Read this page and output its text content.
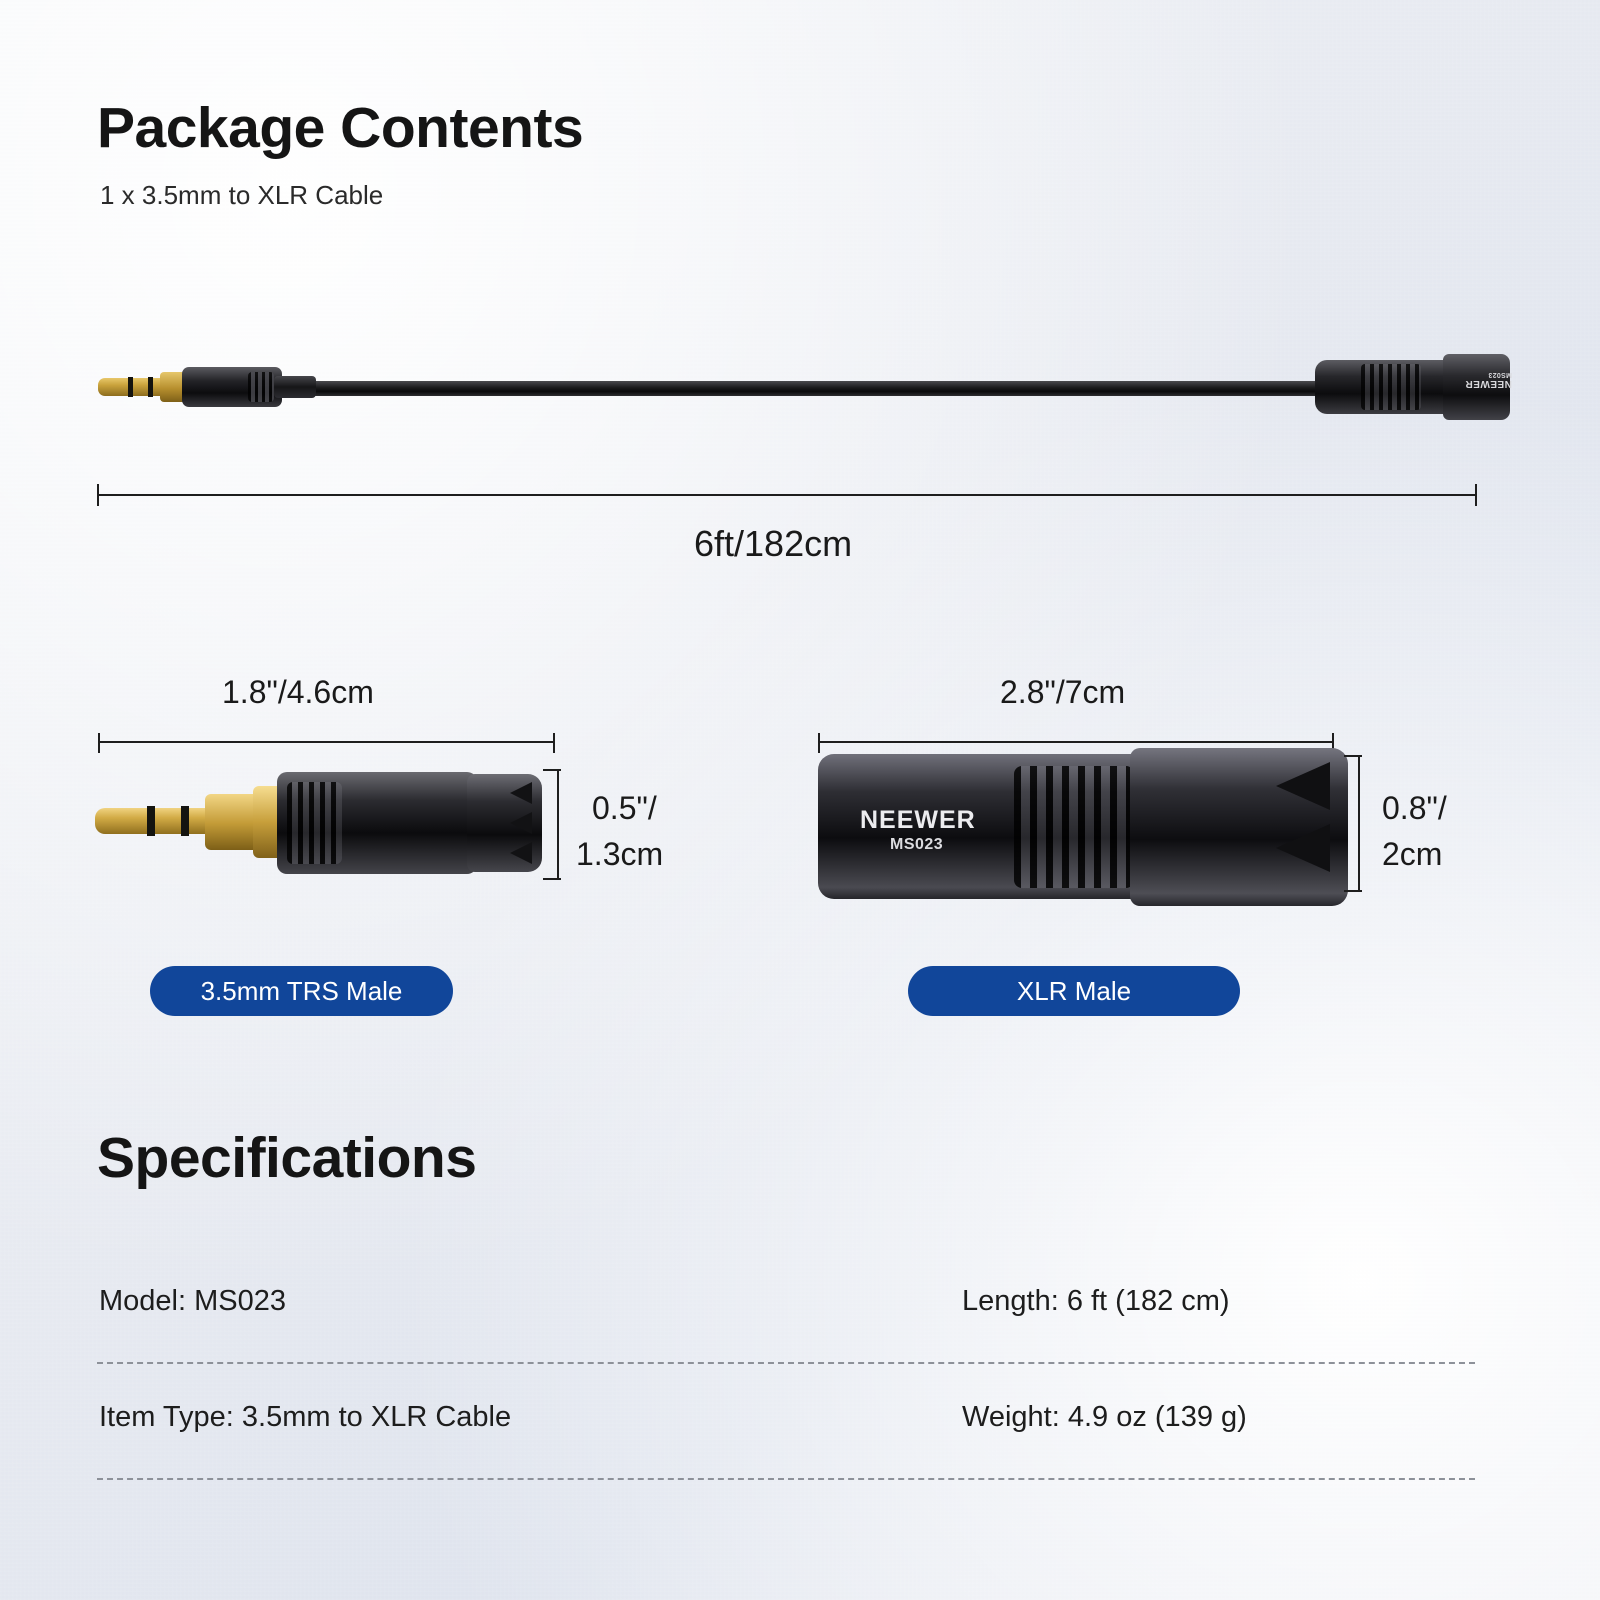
Package Contents
1 x 3.5mm to XLR Cable
NEEWER
MS023
6ft/182cm
1.8"/4.6cm
0.5"/
1.3cm
3.5mm TRS Male
2.8"/7cm
NEEWER
MS023
0.8"/
2cm
XLR Male
Specifications
Model: MS023	Length: 6 ft (182 cm)
Item Type: 3.5mm to XLR Cable	Weight: 4.9 oz (139 g)
